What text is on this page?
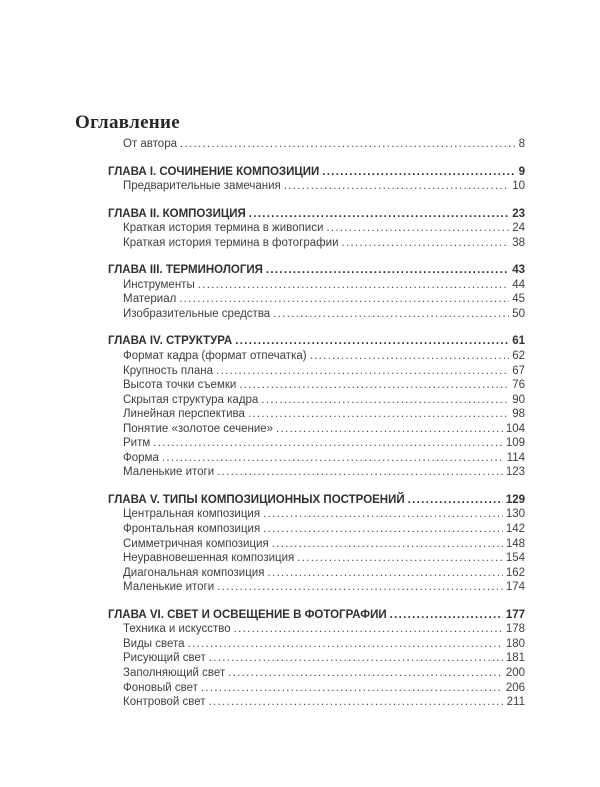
Оглавление
От автора .....	8
ГЛАВА I. СОЧИНЕНИЕ КОМПОЗИЦИИ .....	9
Предварительные замечания .....	10
ГЛАВА II. КОМПОЗИЦИЯ .....	23
Краткая история термина в живописи .....	24
Краткая история термина в фотографии .....	38
ГЛАВА III. ТЕРМИНОЛОГИЯ .....	43
Инструменты .....	44
Материал .....	45
Изобразительные средства .....	50
ГЛАВА IV. СТРУКТУРА .....	61
Формат кадра (формат отпечатка) .....	62
Крупность плана .....	67
Высота точки съемки .....	76
Скрытая структура кадра .....	90
Линейная перспектива .....	98
Понятие «золотое сечение» .....	104
Ритм .....	109
Форма .....	114
Маленькие итоги .....	123
ГЛАВА V. ТИПЫ КОМПОЗИЦИОННЫХ ПОСТРОЕНИЙ .....	129
Центральная композиция .....	130
Фронтальная композиция .....	142
Симметричная композиция .....	148
Неуравновешенная композиция .....	154
Диагональная композиция .....	162
Маленькие итоги .....	174
ГЛАВА VI. СВЕТ И ОСВЕЩЕНИЕ В ФОТОГРАФИИ .....	177
Техника и искусство .....	178
Виды света .....	180
Рисующий свет .....	181
Заполняющий свет .....	200
Фоновый свет .....	206
Контровой свет .....	211
